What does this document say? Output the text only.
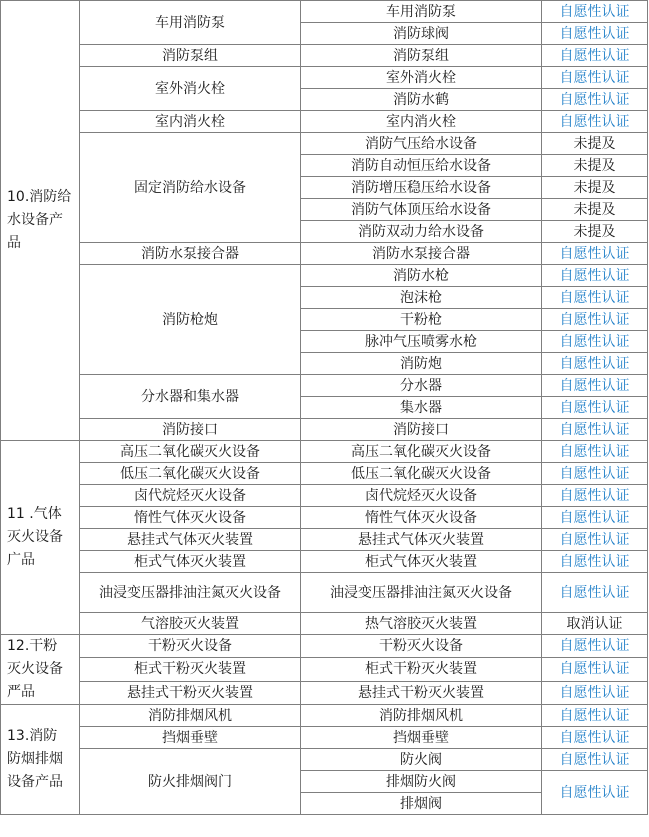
10.消防给水设备产品	车用消防泵	车用消防泵	自愿性认证
		消防球阀	自愿性认证
	消防泵组	消防泵组	自愿性认证
	室外消火栓	室外消火栓	自愿性认证
		消防水鹤	自愿性认证
	室内消火栓	室内消火栓	自愿性认证
	固定消防给水设备	消防气压给水设备	未提及
		消防自动恒压给水设备	未提及
		消防增压稳压给水设备	未提及
		消防气体顶压给水设备	未提及
		消防双动力给水设备	未提及
	消防水泵接合器	消防水泵接合器	自愿性认证
	消防枪炮	消防水枪	自愿性认证
		泡沫枪	自愿性认证
		干粉枪	自愿性认证
		脉冲气压喷雾水枪	自愿性认证
		消防炮	自愿性认证
	分水器和集水器	分水器	自愿性认证
		集水器	自愿性认证
	消防接口	消防接口	自愿性认证
11 .气体灭火设备广品	高压二氧化碳灭火设备	高压二氧化碳灭火设备	自愿性认证
	低压二氧化碳灭火设备	低压二氧化碳灭火设备	自愿性认证
	卤代烷烃灭火设备	卤代烷烃灭火设备	自愿性认证
	惰性气体灭火设备	惰性气体灭火设备	自愿性认证
	悬挂式气体灭火装置	悬挂式气体灭火装置	自愿性认证
	柜式气体灭火装置	柜式气体灭火装置	自愿性认证
	油浸变压器排油注氮灭火设备	油浸变压器排油注氮灭火设备	自愿性认证
	气溶胶灭火装置	热气溶胶灭火装置	取消认证
12.干粉 灭火设备 严品	干粉灭火设备	干粉灭火设备	自愿性认证
	柜式干粉灭火装置	柜式干粉灭火装置	自愿性认证
	悬挂式干粉灭火装置	悬挂式干粉灭火装置	自愿性认证
13.消防 防烟排烟 设备产品	消防排烟风机	消防排烟风机	自愿性认证
	挡烟垂壁	挡烟垂壁	自愿性认证
	防火排烟阀门	防火阀	自愿性认证
		排烟防火阀	自愿性认证
		排烟阀	
